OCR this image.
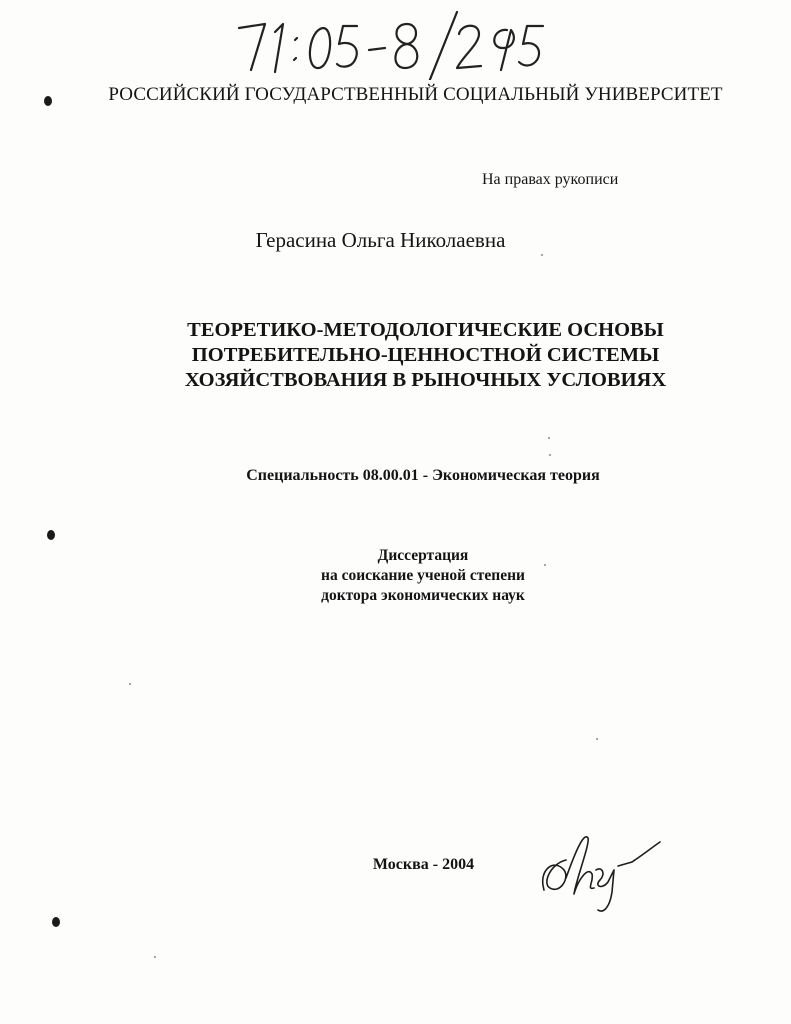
РОССИЙСКИЙ ГОСУДАРСТВЕННЫЙ СОЦИАЛЬНЫЙ УНИВЕРСИТЕТ
На правах рукописи
Герасина Ольга Николаевна
ТЕОРЕТИКО-МЕТОДОЛОГИЧЕСКИЕ ОСНОВЫ
ПОТРЕБИТЕЛЬНО-ЦЕННОСТНОЙ СИСТЕМЫ
ХОЗЯЙСТВОВАНИЯ В РЫНОЧНЫХ УСЛОВИЯХ
Специальность 08.00.01 - Экономическая теория
Диссертация
на соискание ученой степени
доктора экономических наук
Москва - 2004
